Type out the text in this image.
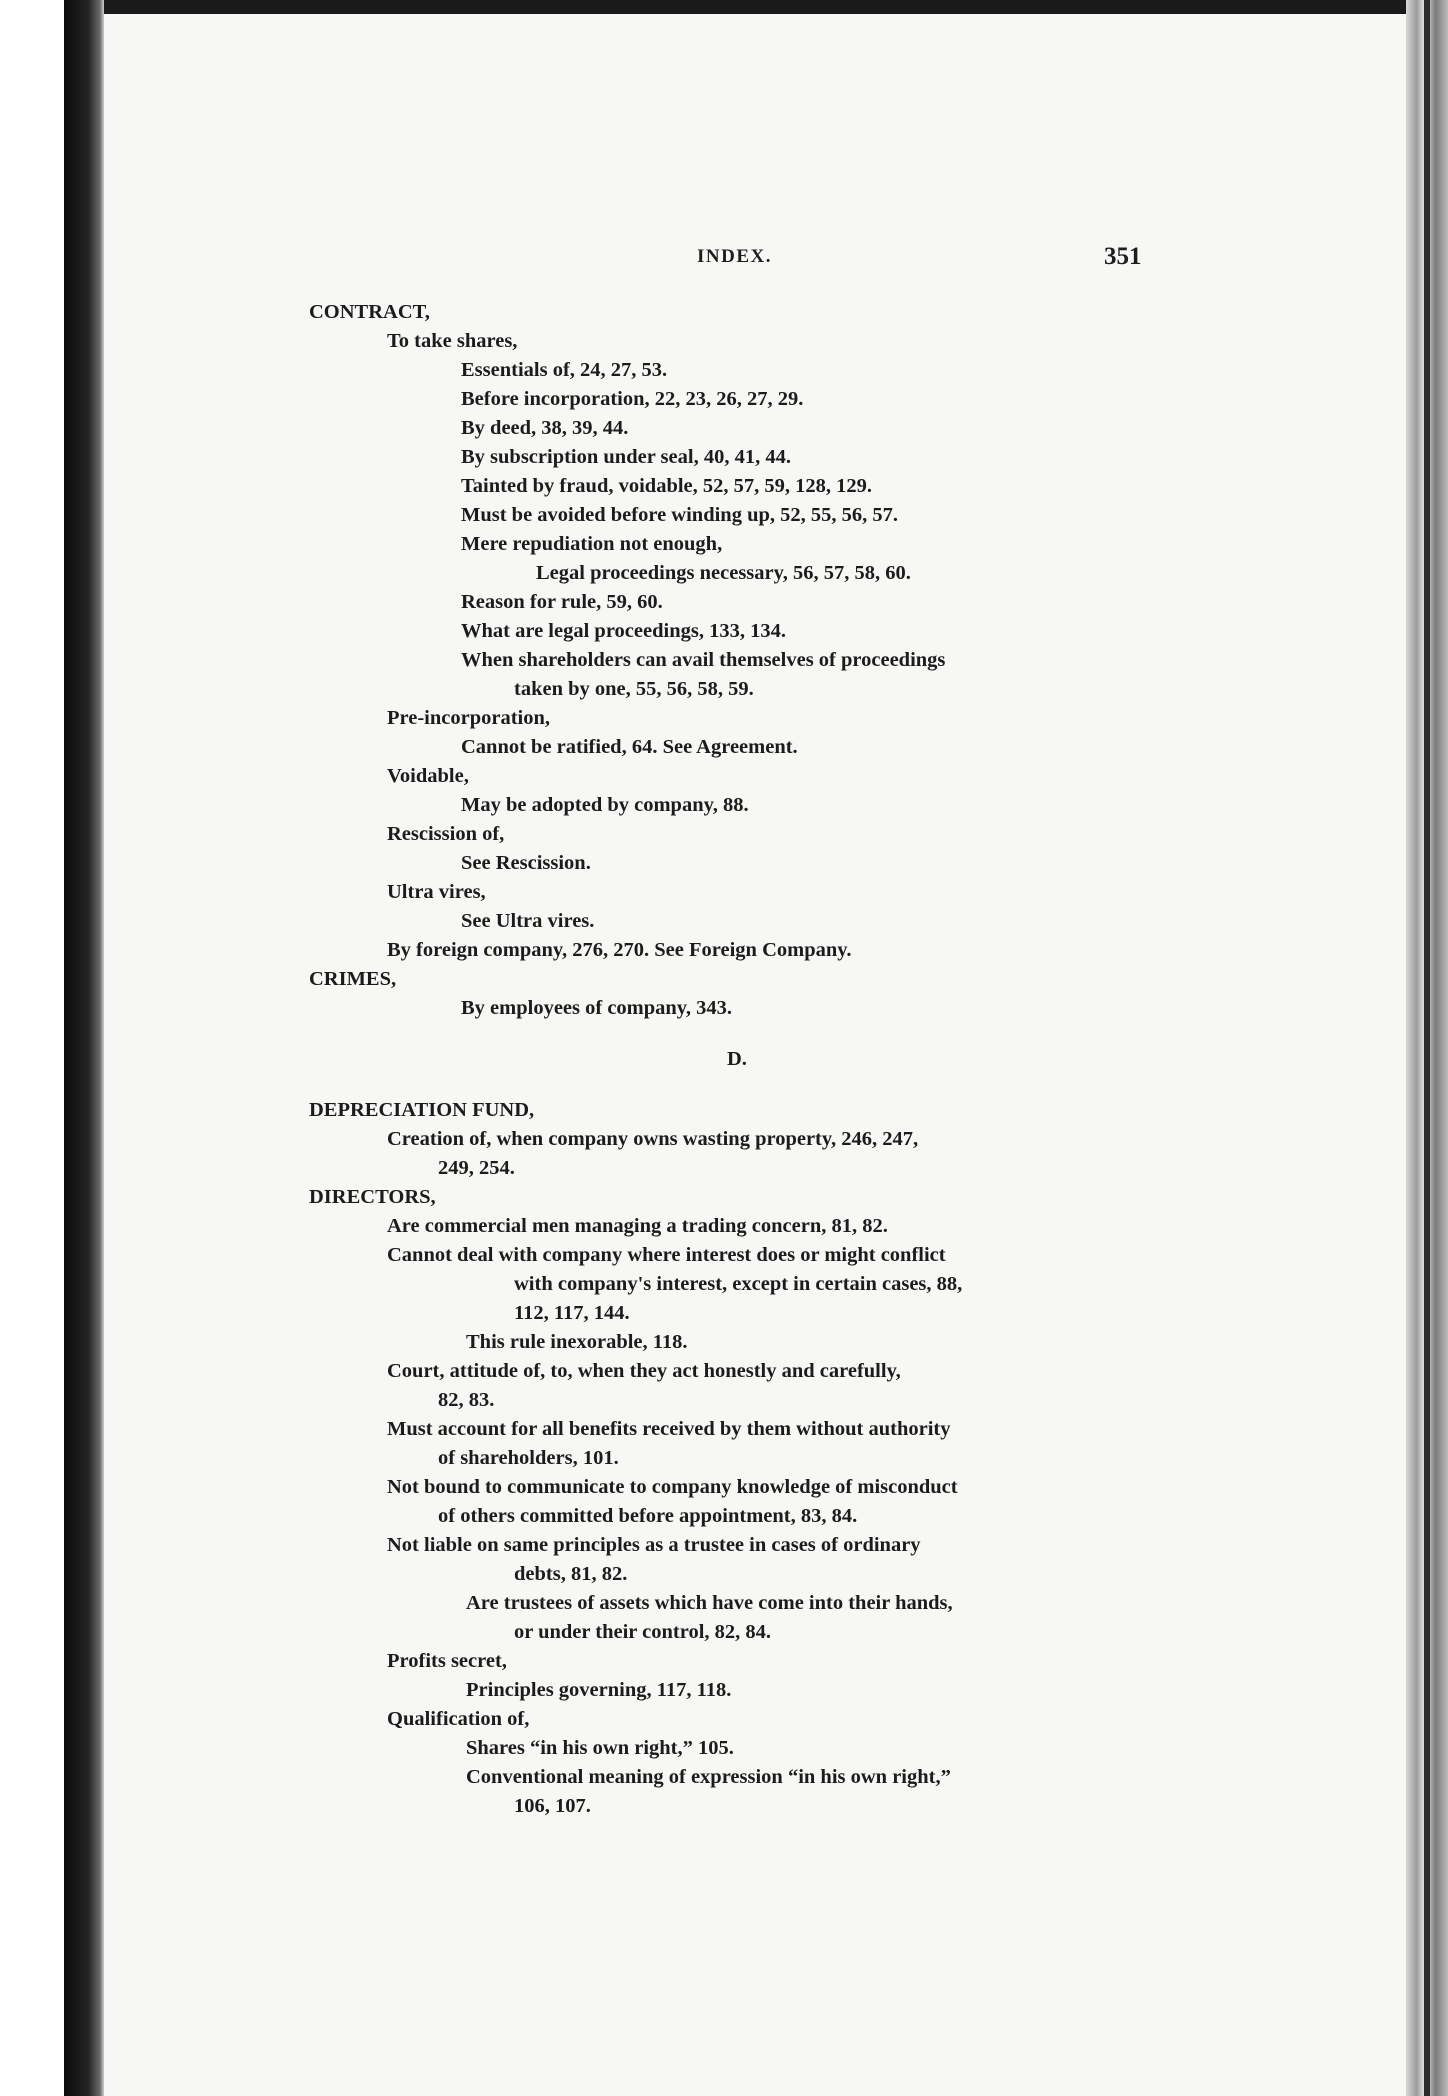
INDEX.	351
CONTRACT,
To take shares,
Essentials of, 24, 27, 53.
Before incorporation, 22, 23, 26, 27, 29.
By deed, 38, 39, 44.
By subscription under seal, 40, 41, 44.
Tainted by fraud, voidable, 52, 57, 59, 128, 129.
Must be avoided before winding up, 52, 55, 56, 57.
Mere repudiation not enough,
Legal proceedings necessary, 56, 57, 58, 60.
Reason for rule, 59, 60.
What are legal proceedings, 133, 134.
When shareholders can avail themselves of proceedings
taken by one, 55, 56, 58, 59.
Pre-incorporation,
Cannot be ratified, 64. See Agreement.
Voidable,
May be adopted by company, 88.
Rescission of,
See Rescission.
Ultra vires,
See Ultra vires.
By foreign company, 276, 270. See Foreign Company.
CRIMES,
By employees of company, 343.
D.
DEPRECIATION FUND,
Creation of, when company owns wasting property, 246, 247,
249, 254.
DIRECTORS,
Are commercial men managing a trading concern, 81, 82.
Cannot deal with company where interest does or might conflict
with company's interest, except in certain cases, 88,
112, 117, 144.
This rule inexorable, 118.
Court, attitude of, to, when they act honestly and carefully,
82, 83.
Must account for all benefits received by them without authority
of shareholders, 101.
Not bound to communicate to company knowledge of misconduct
of others committed before appointment, 83, 84.
Not liable on same principles as a trustee in cases of ordinary
debts, 81, 82.
Are trustees of assets which have come into their hands,
or under their control, 82, 84.
Profits secret,
Principles governing, 117, 118.
Qualification of,
Shares “in his own right,” 105.
Conventional meaning of expression “in his own right,”
106, 107.
